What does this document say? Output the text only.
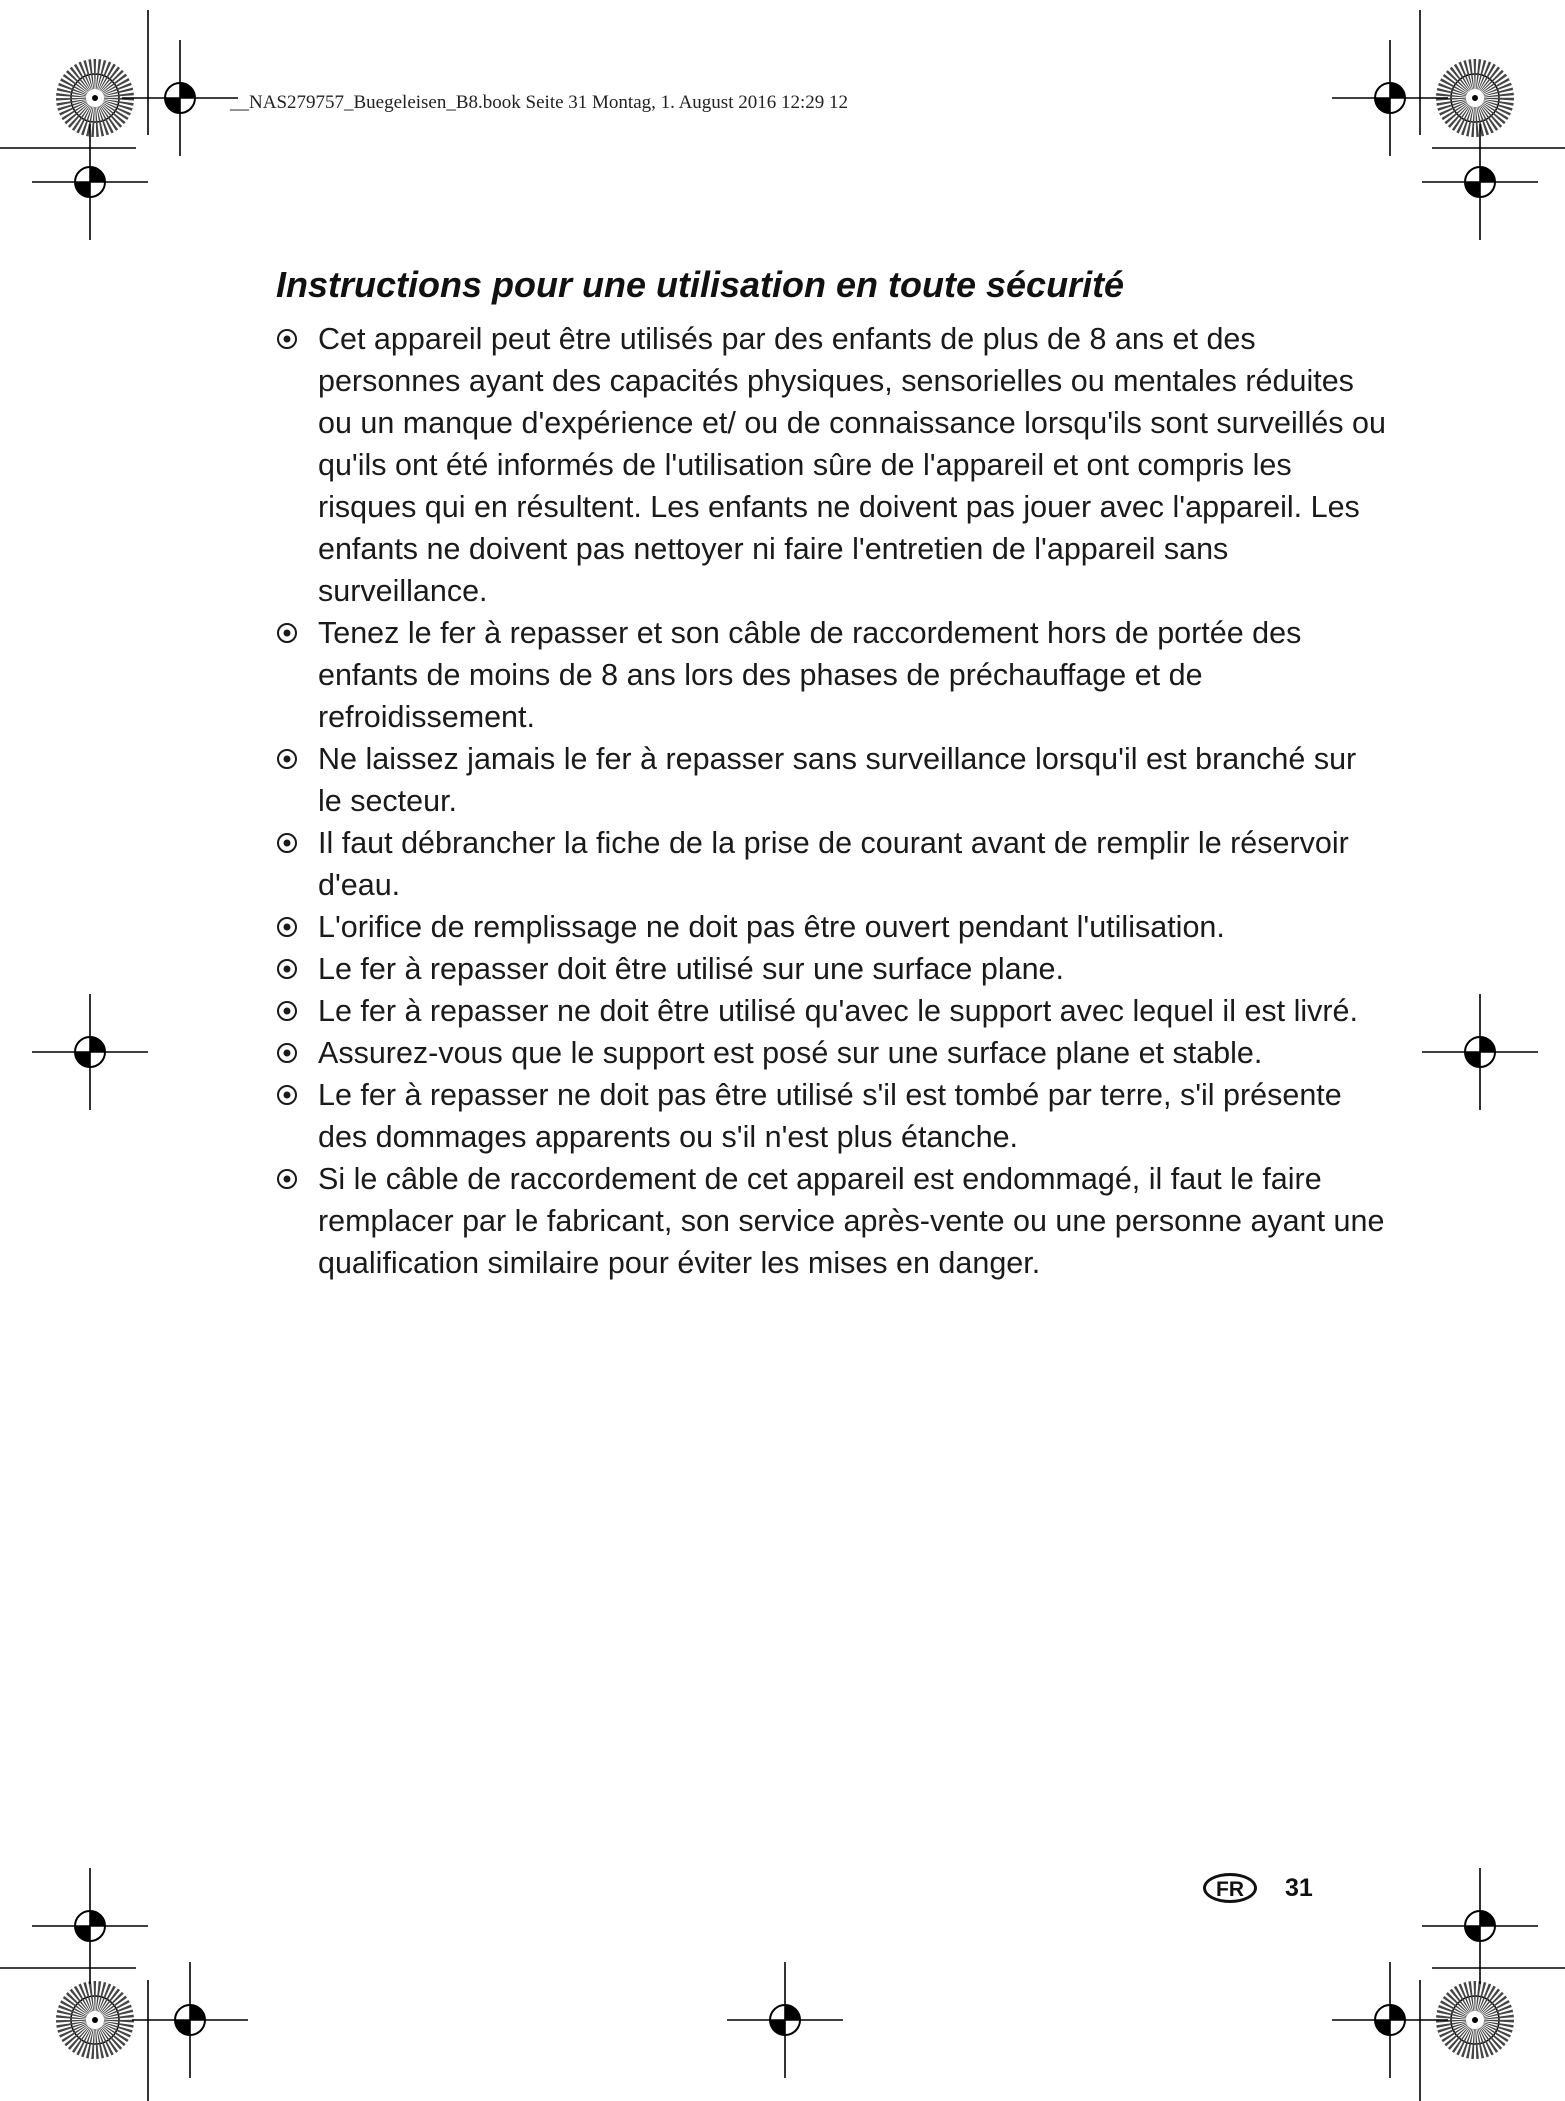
__NAS279757_Buegeleisen_B8.book Seite 31 Montag, 1. August 2016 12:29 12
Instructions pour une utilisation en toute sécurité
Cet appareil peut être utilisés par des enfants de plus de 8 ans et des personnes ayant des capacités physiques, sensorielles ou mentales réduites ou un manque d'expérience et/ ou de connaissance lorsqu'ils sont surveillés ou qu'ils ont été informés de l'utilisation sûre de l'appareil et ont compris les risques qui en résultent. Les enfants ne doivent pas jouer avec l'appareil. Les enfants ne doivent pas nettoyer ni faire l'entretien de l'appareil sans surveillance.
Tenez le fer à repasser et son câble de raccordement hors de portée des enfants de moins de 8 ans lors des phases de préchauffage et de refroidissement.
Ne laissez jamais le fer à repasser sans surveillance lorsqu'il est branché sur le secteur.
Il faut débrancher la fiche de la prise de courant avant de remplir le réservoir d'eau.
L'orifice de remplissage ne doit pas être ouvert pendant l'utilisation.
Le fer à repasser doit être utilisé sur une surface plane.
Le fer à repasser ne doit être utilisé qu'avec le support avec lequel il est livré.
Assurez-vous que le support est posé sur une surface plane et stable.
Le fer à repasser ne doit pas être utilisé s'il est tombé par terre, s'il présente des dommages apparents ou s'il n'est plus étanche.
Si le câble de raccordement de cet appareil est endommagé, il faut le faire remplacer par le fabricant, son service après-vente ou une personne ayant une qualification similaire pour éviter les mises en danger.
FR	31
